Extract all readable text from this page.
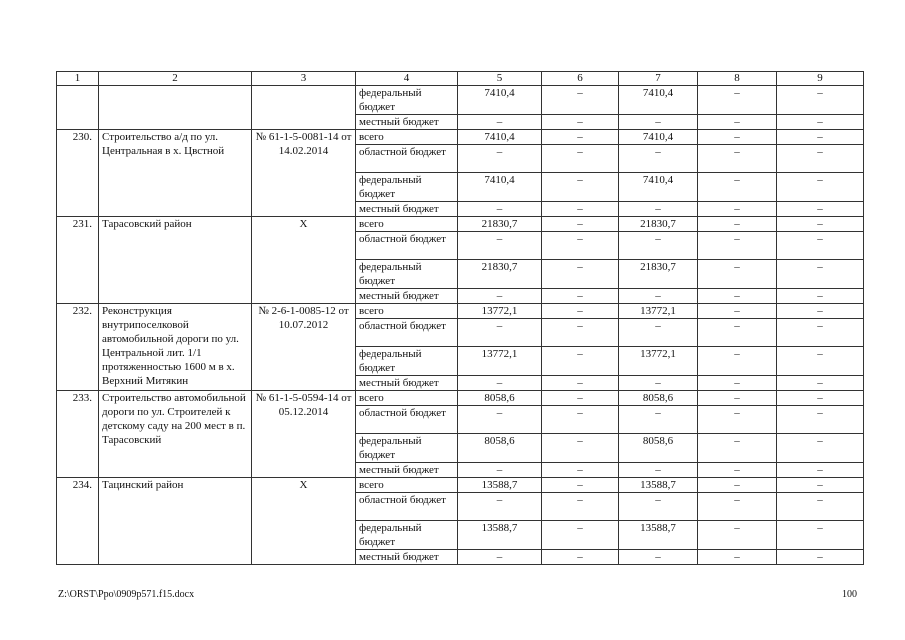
1	2	3	4	5	6	7	8	9
			федеральный бюджет	7410,4	–	7410,4	–	–
			местный бюджет	–	–	–	–	–
230.	Строительство а/д по ул. Центральная в х. Цвстной	№ 61-1-5-0081-14 от 14.02.2014	всего	7410,4	–	7410,4	–	–
			областной бюджет	–	–	–	–	–
			федеральный бюджет	7410,4	–	7410,4	–	–
			местный бюджет	–	–	–	–	–
231.	Тарасовский район	Х	всего	21830,7	–	21830,7	–	–
			областной бюджет	–	–	–	–	–
			федеральный бюджет	21830,7	–	21830,7	–	–
			местный бюджет	–	–	–	–	–
232.	Реконструкция внутрипоселковой автомобильной дороги по ул. Центральной лит. 1/1 протяженностью 1600 м в х. Верхний Митякин	№ 2-6-1-0085-12 от 10.07.2012	всего	13772,1	–	13772,1	–	–
			областной бюджет	–	–	–	–	–
			федеральный бюджет	13772,1	–	13772,1	–	–
			местный бюджет	–	–	–	–	–
233.	Строительство автомобильной дороги по ул. Строителей к детскому саду на 200 мест в п. Тарасовский	№ 61-1-5-0594-14 от 05.12.2014	всего	8058,6	–	8058,6	–	–
			областной бюджет	–	–	–	–	–
			федеральный бюджет	8058,6	–	8058,6	–	–
			местный бюджет	–	–	–	–	–
234.	Тацинский район	Х	всего	13588,7	–	13588,7	–	–
			областной бюджет	–	–	–	–	–
			федеральный бюджет	13588,7	–	13588,7	–	–
			местный бюджет	–	–	–	–	–
Z:\ORST\Ppo\0909p571.f15.docx	100
